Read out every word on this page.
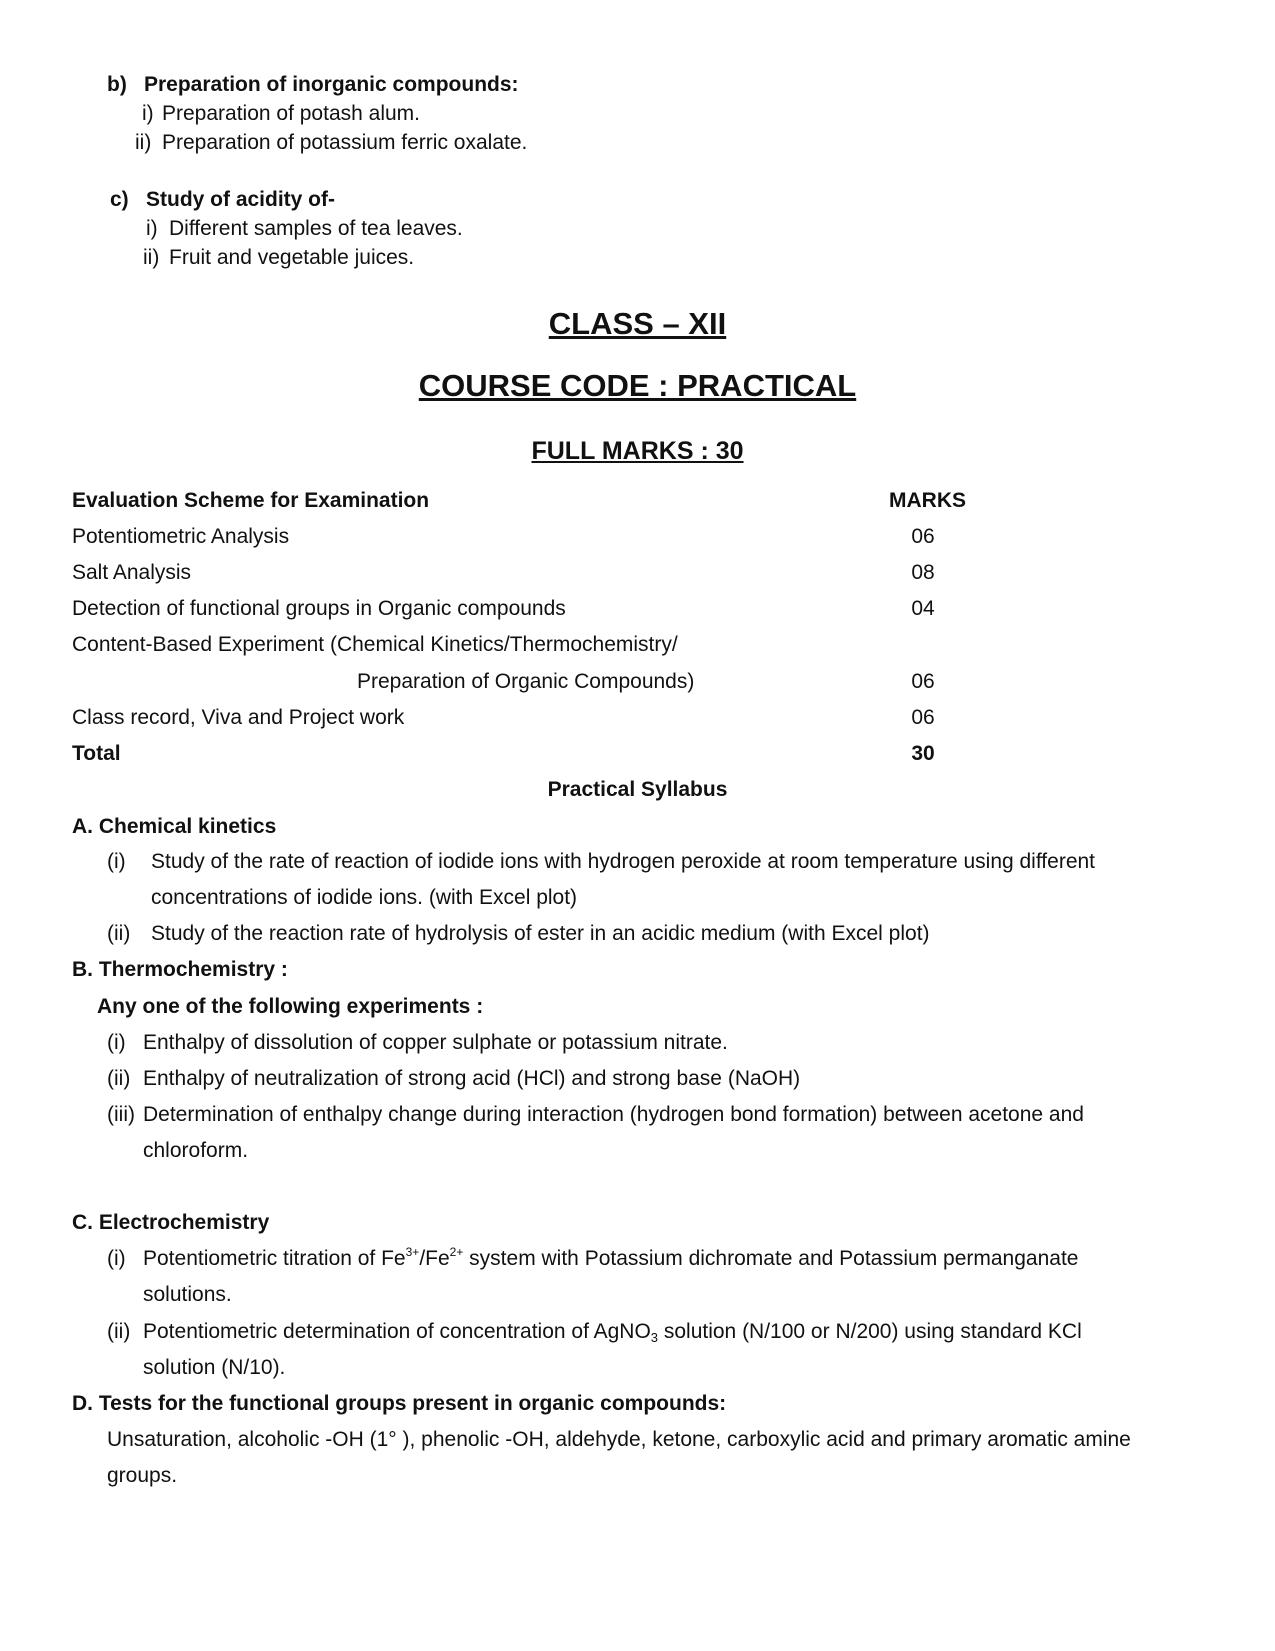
b) Preparation of inorganic compounds:
i) Preparation of potash alum.
ii) Preparation of potassium ferric oxalate.
c) Study of acidity of-
i) Different samples of tea leaves.
ii) Fruit and vegetable juices.
CLASS – XII
COURSE CODE : PRACTICAL
FULL MARKS : 30
Evaluation Scheme for Examination	MARKS
Potentiometric Analysis	06
Salt Analysis	08
Detection of functional groups in Organic compounds	04
Content-Based Experiment (Chemical Kinetics/Thermochemistry/
Preparation of Organic Compounds)	06
Class record, Viva and Project work	06
Total	30
Practical Syllabus
A. Chemical kinetics
(i) Study of the rate of reaction of iodide ions with hydrogen peroxide at room temperature using different
concentrations of iodide ions. (with Excel plot)
(ii) Study of the reaction rate of hydrolysis of ester in an acidic medium (with Excel plot)
B. Thermochemistry :
Any one of the following experiments :
(i) Enthalpy of dissolution of copper sulphate or potassium nitrate.
(ii) Enthalpy of neutralization of strong acid (HCl) and strong base (NaOH)
(iii) Determination of enthalpy change during interaction (hydrogen bond formation) between acetone and
chloroform.
C. Electrochemistry
(i) Potentiometric titration of $Fe^{3+}/Fe^{2+}$ system with Potassium dichromate and Potassium permanganate
solutions.
(ii) Potentiometric determination of concentration of AgNO$_3$ solution (N/100 or N/200) using standard KCl
solution (N/10).
D. Tests for the functional groups present in organic compounds:
Unsaturation, alcoholic -OH (1° ), phenolic -OH, aldehyde, ketone, carboxylic acid and primary aromatic amine
groups.
